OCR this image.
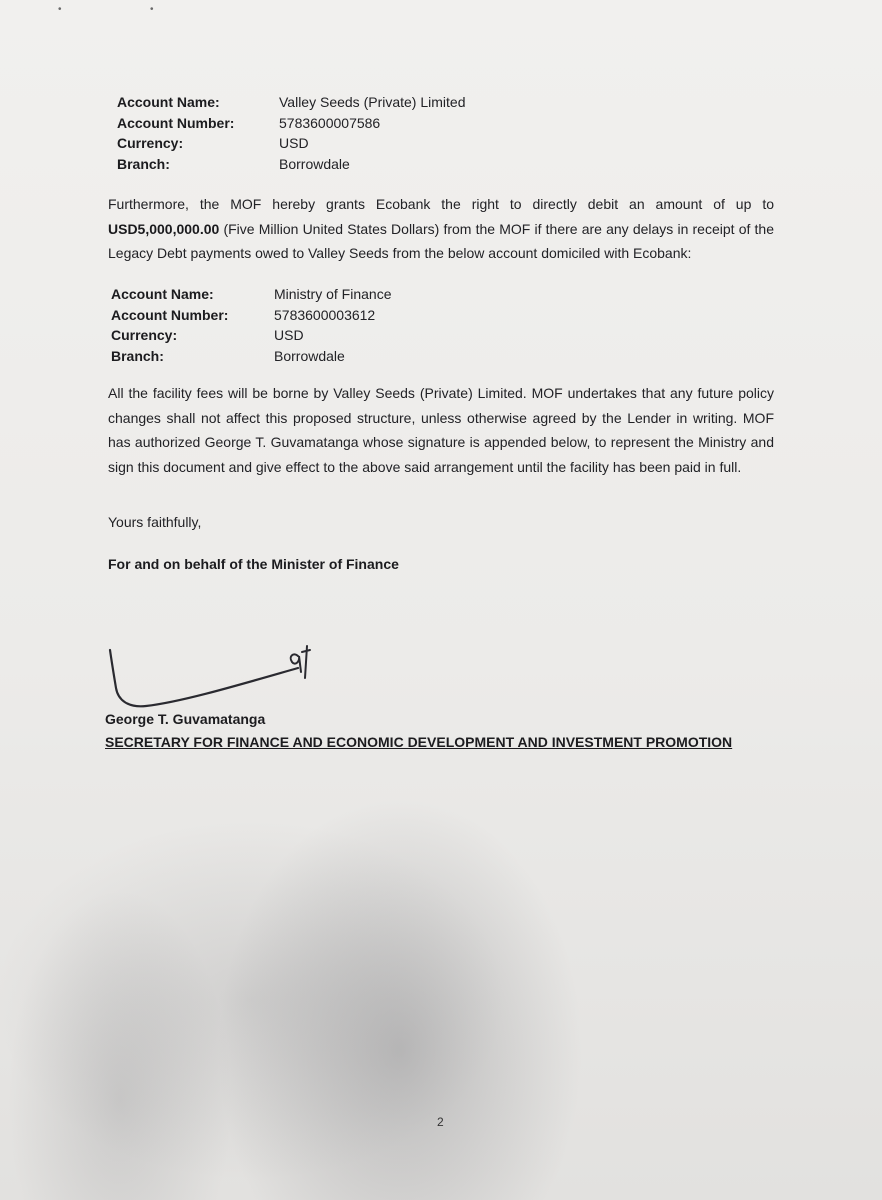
•	•
Account Name:	Valley Seeds (Private) Limited
Account Number:	5783600007586
Currency:	USD
Branch:	Borrowdale

Furthermore, the MOF hereby grants Ecobank the right to directly debit an amount of up to USD5,000,000.00 (Five Million United States Dollars) from the MOF if there are any delays in receipt of the Legacy Debt payments owed to Valley Seeds from the below account domiciled with Ecobank:

Account Name:	Ministry of Finance
Account Number:	5783600003612
Currency:	USD
Branch:	Borrowdale

All the facility fees will be borne by Valley Seeds (Private) Limited. MOF undertakes that any future policy changes shall not affect this proposed structure, unless otherwise agreed by the Lender in writing. MOF has authorized George T. Guvamatanga whose signature is appended below, to represent the Ministry and sign this document and give effect to the above said arrangement until the facility has been paid in full.

Yours faithfully,

For and on behalf of the Minister of Finance

George T. Guvamatanga
SECRETARY FOR FINANCE AND ECONOMIC DEVELOPMENT AND INVESTMENT PROMOTION
2
